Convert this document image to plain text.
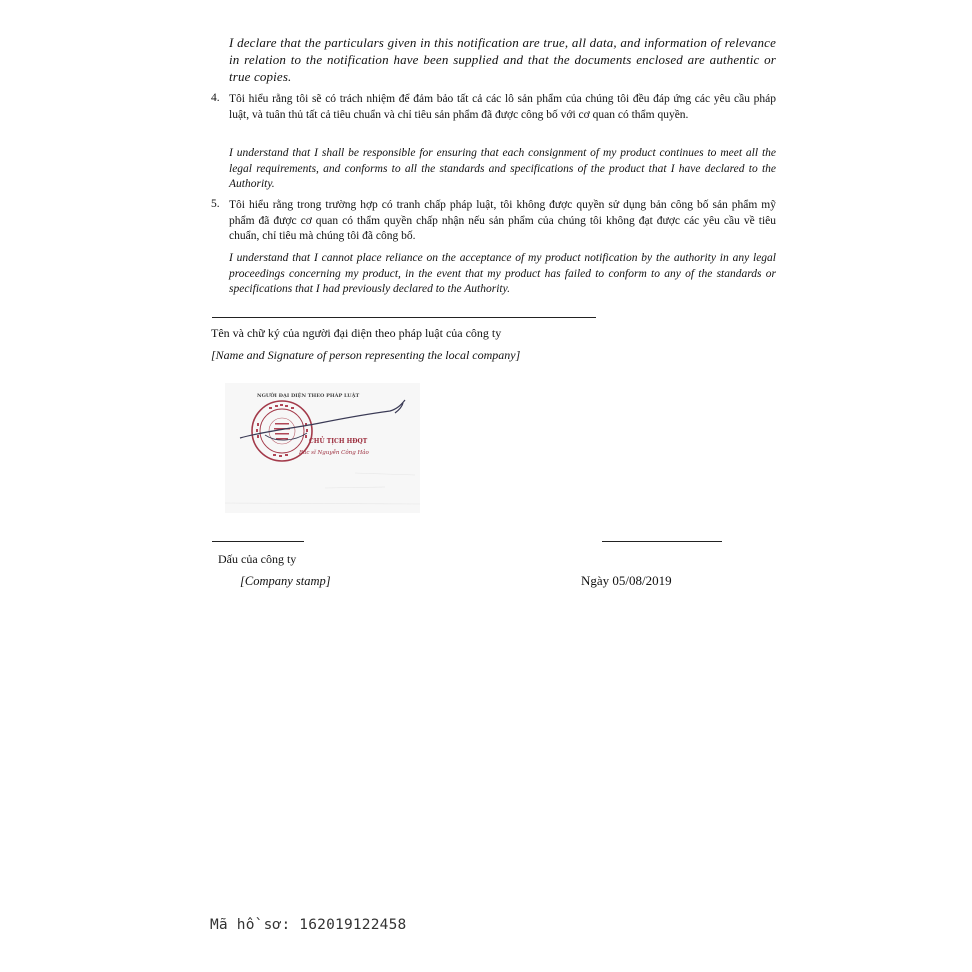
I declare that the particulars given in this notification are true, all data, and information of relevance in relation to the notification have been supplied and that the documents enclosed are authentic or true copies.
4. Tôi hiểu rằng tôi sẽ có trách nhiệm để đảm bảo tất cả các lô sản phẩm của chúng tôi đều đáp ứng các yêu cầu pháp luật, và tuân thủ tất cả tiêu chuẩn và chỉ tiêu sản phẩm đã được công bố với cơ quan có thẩm quyền.
I understand that I shall be responsible for ensuring that each consignment of my product continues to meet all the legal requirements, and conforms to all the standards and specifications of the product that I have declared to the Authority.
5. Tôi hiểu rằng trong trường hợp có tranh chấp pháp luật, tôi không được quyền sử dụng bản công bố sản phẩm mỹ phẩm đã được cơ quan có thẩm quyền chấp nhận nếu sản phẩm của chúng tôi không đạt được các yêu cầu về tiêu chuẩn, chỉ tiêu mà chúng tôi đã công bố.
I understand that I cannot place reliance on the acceptance of my product notification by the authority in any legal proceedings concerning my product, in the event that my product has failed to conform to any of the standards or specifications that I had previously declared to the Authority.
Tên và chữ ký của người đại diện theo pháp luật của công ty
[Name and Signature of person representing the local company]
NGƯỜI ĐẠI DIỆN THEO PHÁP LUẬT
CHỦ TỊCH HĐQT
Bác sĩ Nguyễn Công Hảo
Dấu của công ty
[Company stamp]	Ngày 05/08/2019
Mã hồ sơ: 162019122458
